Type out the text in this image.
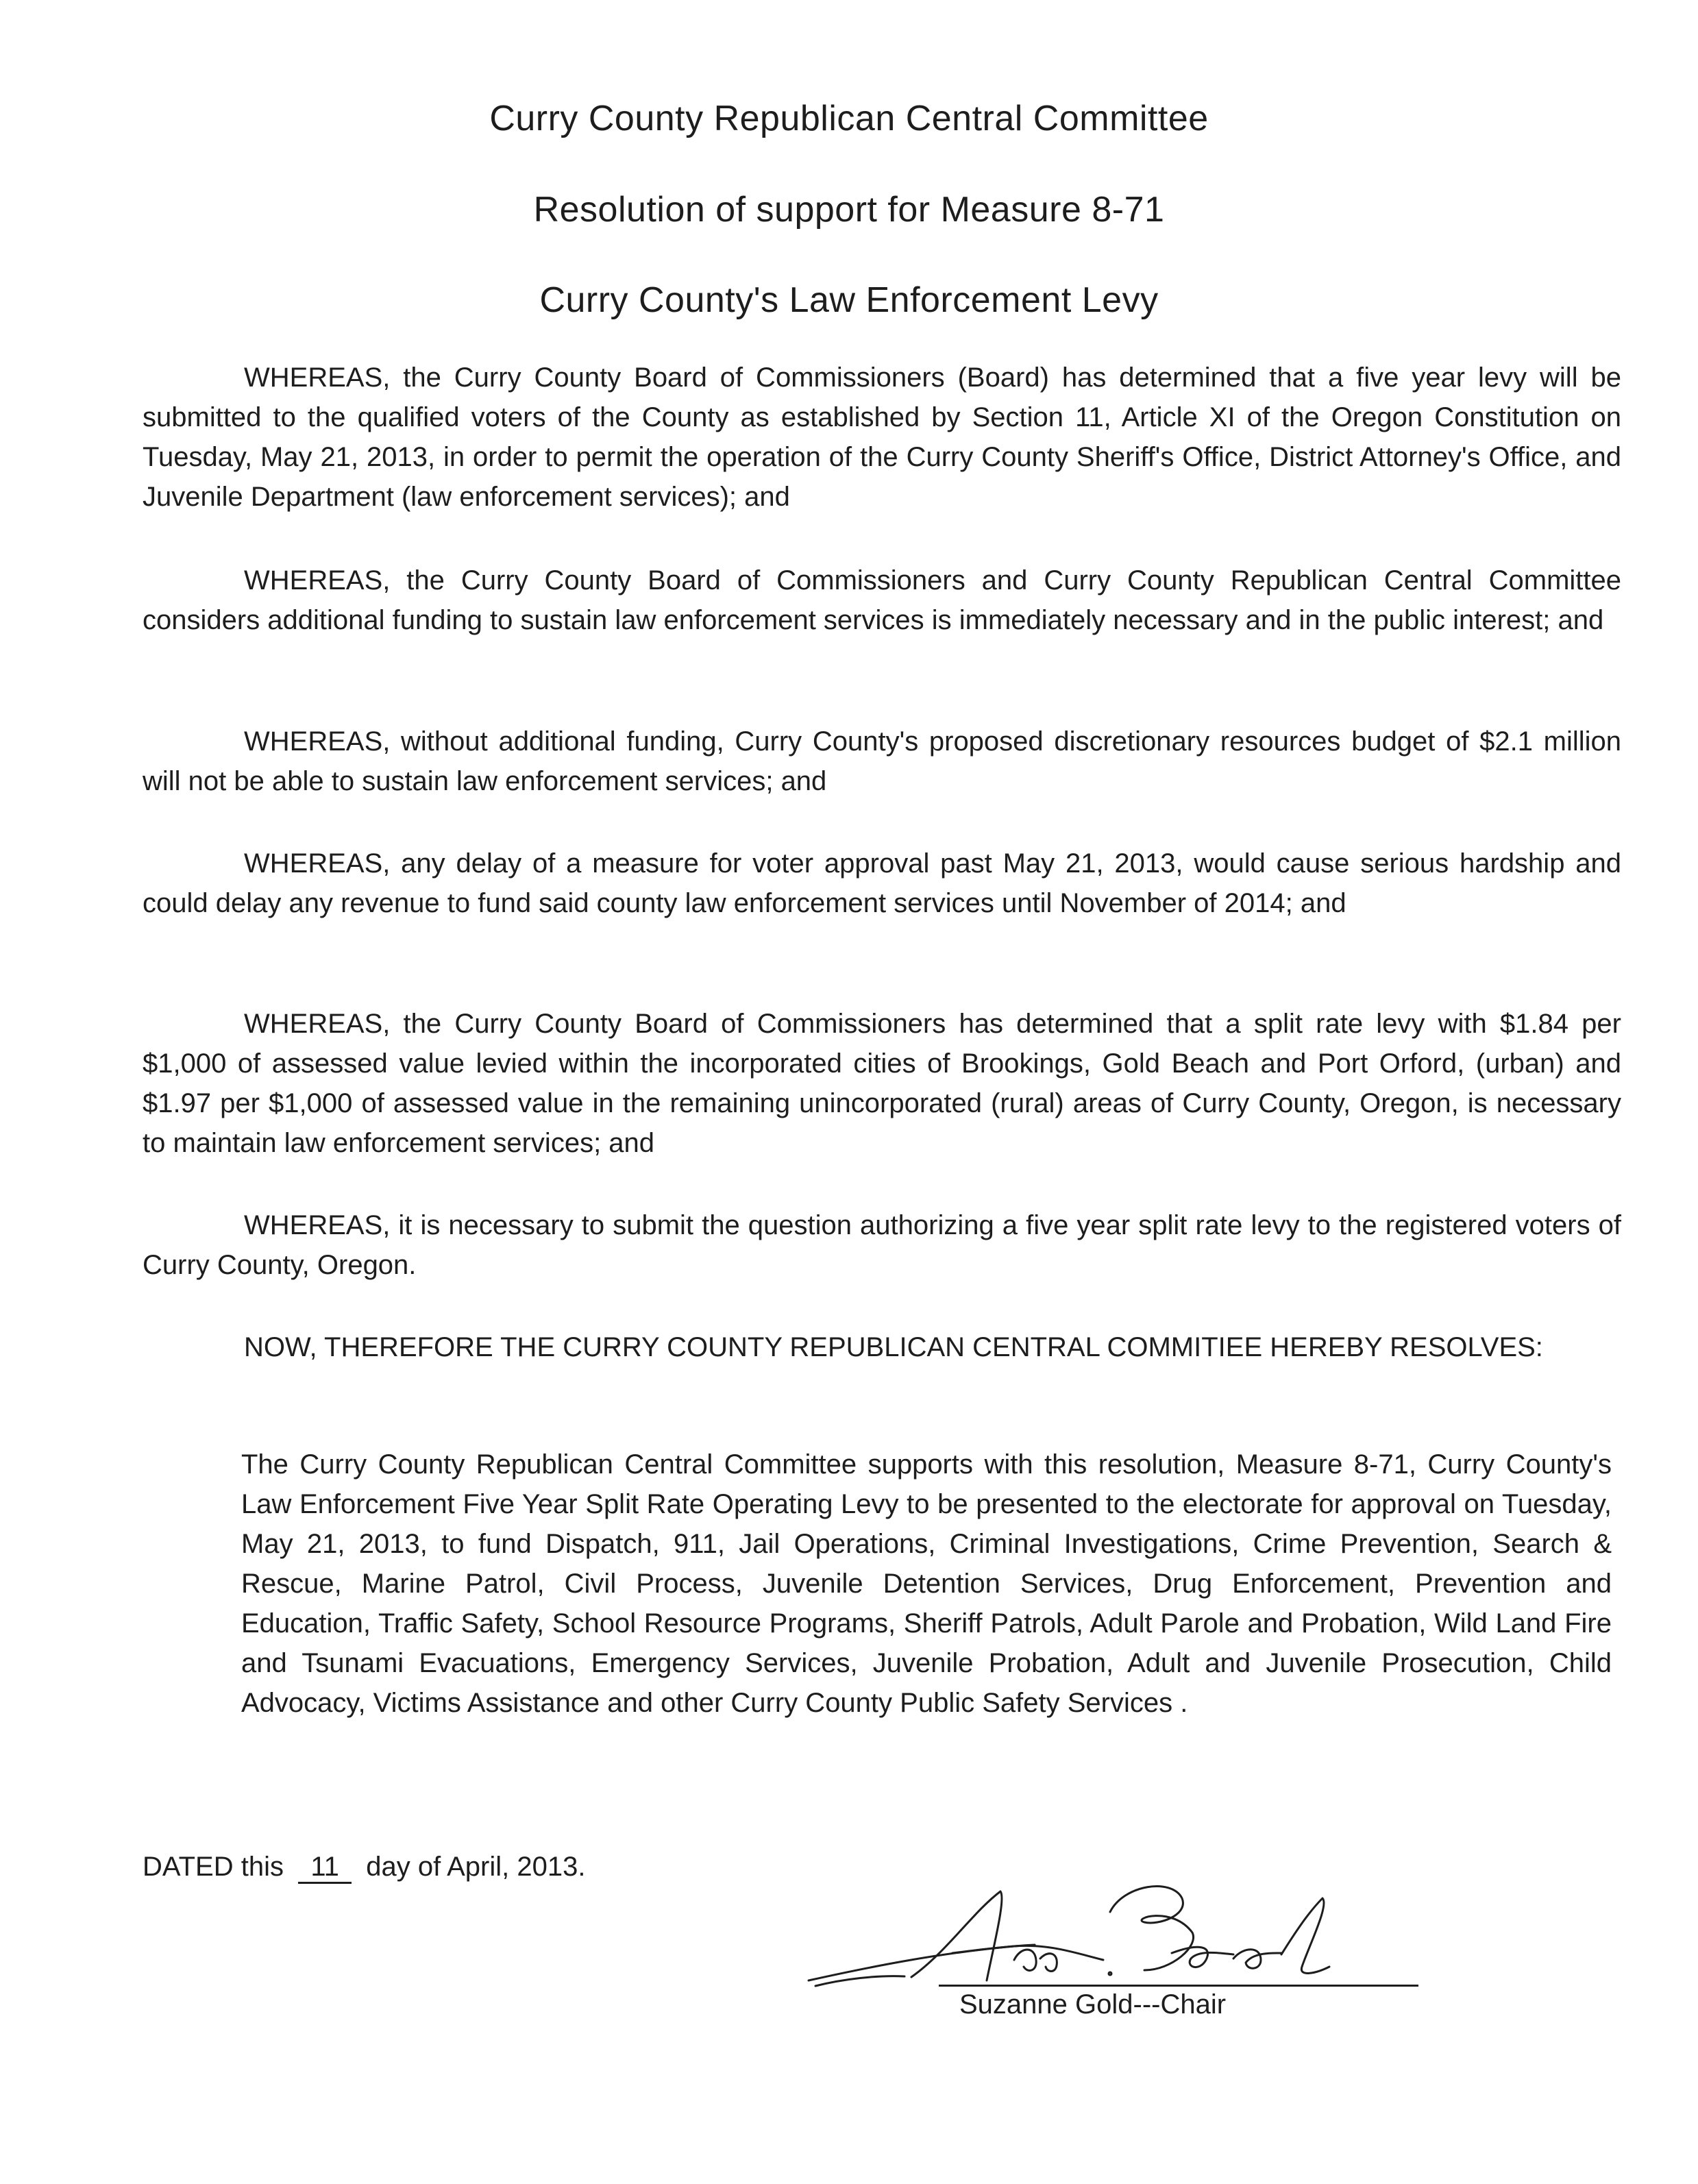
Curry County Republican Central Committee
Resolution of support for Measure 8-71
Curry County's Law Enforcement Levy

WHEREAS, the Curry County Board of Commissioners (Board) has determined that a five year levy will be submitted to the qualified voters of the County as established by Section 11, Article XI of the Oregon Constitution on Tuesday, May 21, 2013, in order to permit the operation of the Curry County Sheriff's Office, District Attorney's Office, and Juvenile Department (law enforcement services); and

WHEREAS, the Curry County Board of Commissioners and Curry County Republican Central Committee considers additional funding to sustain law enforcement services is immediately necessary and in the public interest; and

WHEREAS, without additional funding, Curry County's proposed discretionary resources budget of $2.1 million will not be able to sustain law enforcement services; and

WHEREAS, any delay of a measure for voter approval past May 21, 2013, would cause serious hardship and could delay any revenue to fund said county law enforcement services until November of 2014; and

WHEREAS, the Curry County Board of Commissioners has determined that a split rate levy with $1.84 per $1,000 of assessed value levied within the incorporated cities of Brookings, Gold Beach and Port Orford, (urban) and $1.97 per $1,000 of assessed value in the remaining unincorporated (rural) areas of Curry County, Oregon, is necessary to maintain law enforcement services; and

WHEREAS, it is necessary to submit the question authorizing a five year split rate levy to the registered voters of Curry County, Oregon.

NOW, THEREFORE THE CURRY COUNTY REPUBLICAN CENTRAL COMMITIEE HEREBY RESOLVES:

The Curry County Republican Central Committee supports with this resolution, Measure 8-71, Curry County's Law Enforcement Five Year Split Rate Operating Levy to be presented to the electorate for approval on Tuesday, May 21, 2013, to fund Dispatch, 911, Jail Operations, Criminal Investigations, Crime Prevention, Search & Rescue, Marine Patrol, Civil Process, Juvenile Detention Services, Drug Enforcement, Prevention and Education, Traffic Safety, School Resource Programs, Sheriff Patrols, Adult Parole and Probation, Wild Land Fire and Tsunami Evacuations, Emergency Services, Juvenile Probation, Adult and Juvenile Prosecution, Child Advocacy, Victims Assistance and other Curry County Public Safety Services .

DATED this 11 day of April, 2013.
Suzanne Gold---Chair
